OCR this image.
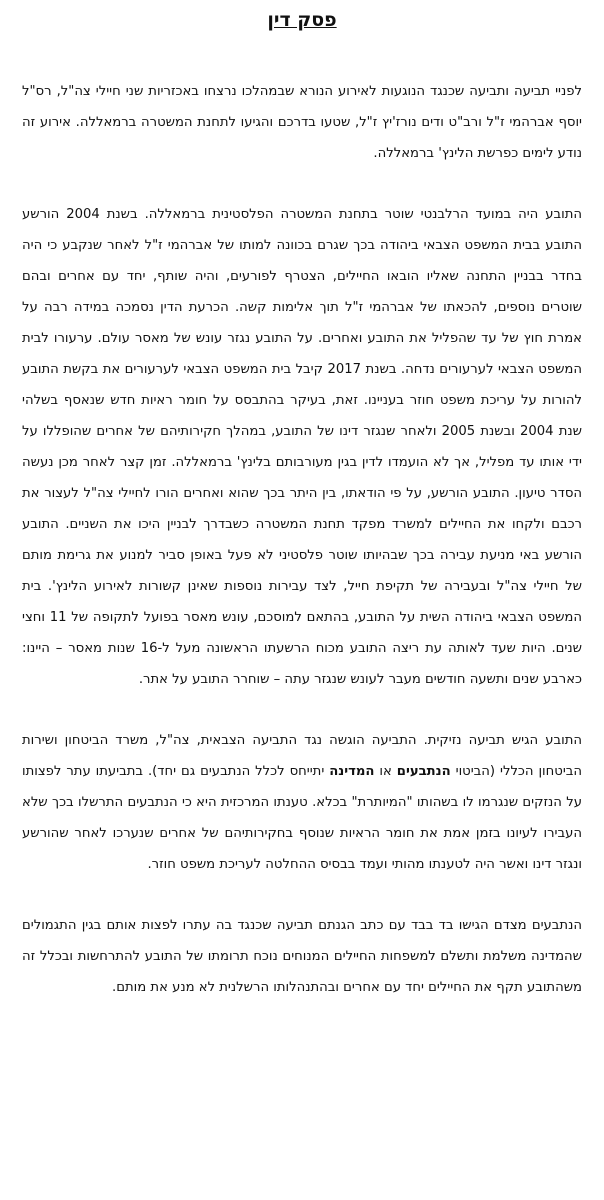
פסק דין
לפניי תביעה ותביעה שכנגד הנוגעות לאירוע הנורא שבמהלכו נרצחו באכזריות שני חיילי צה"ל, רס"ל יוסף אברהמי ז"ל ורב"ט ודים נורז'יץ ז"ל, שטעו בדרכם והגיעו לתחנת המשטרה ברמאללה. אירוע זה נודע לימים כפרשת הלינץ' ברמאללה.
התובע היה במועד הרלבנטי שוטר בתחנת המשטרה הפלסטינית ברמאללה. בשנת 2004 הורשע התובע בבית המשפט הצבאי ביהודה בכך שגרם בכוונה למותו של אברהמי ז"ל לאחר שנקבע כי היה בחדר בבניין התחנה שאליו הובאו החיילים, הצטרף לפורעים, והיה שותף, יחד עם אחרים ובהם שוטרים נוספים, להכאתו של אברהמי ז"ל תוך אלימות קשה. הכרעת הדין נסמכה במידה רבה על אמרת חוץ של עד שהפליל את התובע ואחרים. על התובע נגזר עונש של מאסר עולם. ערעורו לבית המשפט הצבאי לערעורים נדחה. בשנת 2017 קיבל בית המשפט הצבאי לערעורים את בקשת התובע להורות על עריכת משפט חוזר בעניינו. זאת, בעיקר בהתבסס על חומר ראיות חדש שנאסף בשלהי שנת 2004 ובשנת 2005 ולאחר שנגזר דינו של התובע, במהלך חקירותיהם של אחרים שהופללו על ידי אותו עד מפליל, אך לא הועמדו לדין בגין מעורבותם בלינץ' ברמאללה. זמן קצר לאחר מכן נעשה הסדר טיעון. התובע הורשע, על פי הודאתו, בין היתר בכך שהוא ואחרים הורו לחיילי צה"ל לעצור את רכבם ולקחו את החיילים למשרד מפקד תחנת המשטרה כשבדרך לבניין היכו את השניים. התובע הורשע באי מניעת עבירה בכך שבהיותו שוטר פלסטיני לא פעל באופן סביר למנוע את גרימת מותם של חיילי צה"ל ובעבירה של תקיפת חייל, לצד עבירות נוספות שאינן קשורות לאירוע הלינץ'. בית המשפט הצבאי ביהודה השית על התובע, בהתאם למוסכם, עונש מאסר בפועל לתקופה של 11 וחצי שנים. היות שעד לאותה עת ריצה התובע מכוח הרשעתו הראשונה מעל ל-16 שנות מאסר – היינו: כארבע שנים ותשעה חודשים מעבר לעונש שנגזר עתה – שוחרר התובע על אתר.
התובע הגיש תביעה נזיקית. התביעה הוגשה נגד התביעה הצבאית, צה"ל, משרד הביטחון ושירות הביטחון הכללי (הביטוי הנתבעים או המדינה יתייחס לכלל הנתבעים גם יחד). בתביעתו עתר לפצותו על הנזקים שנגרמו לו בשהותו "המיותרת" בכלא. טענתו המרכזית היא כי הנתבעים התרשלו בכך שלא העבירו לעיונו בזמן אמת את חומר הראיות שנוסף בחקירותיהם של אחרים שנערכו לאחר שהורשע ונגזר דינו ואשר היה לטענתו מהותי ועמד בבסיס ההחלטה לעריכת משפט חוזר.
הנתבעים מצדם הגישו בד בבד עם כתב הגנתם תביעה שכנגד בה עתרו לפצות אותם בגין התגמולים שהמדינה משלמת ותשלם למשפחות החיילים המנוחים נוכח תרומתו של התובע להתרחשות ובכלל זה משהתובע תקף את החיילים יחד עם אחרים ובהתנהלותו הרשלנית לא מנע את מותם.
